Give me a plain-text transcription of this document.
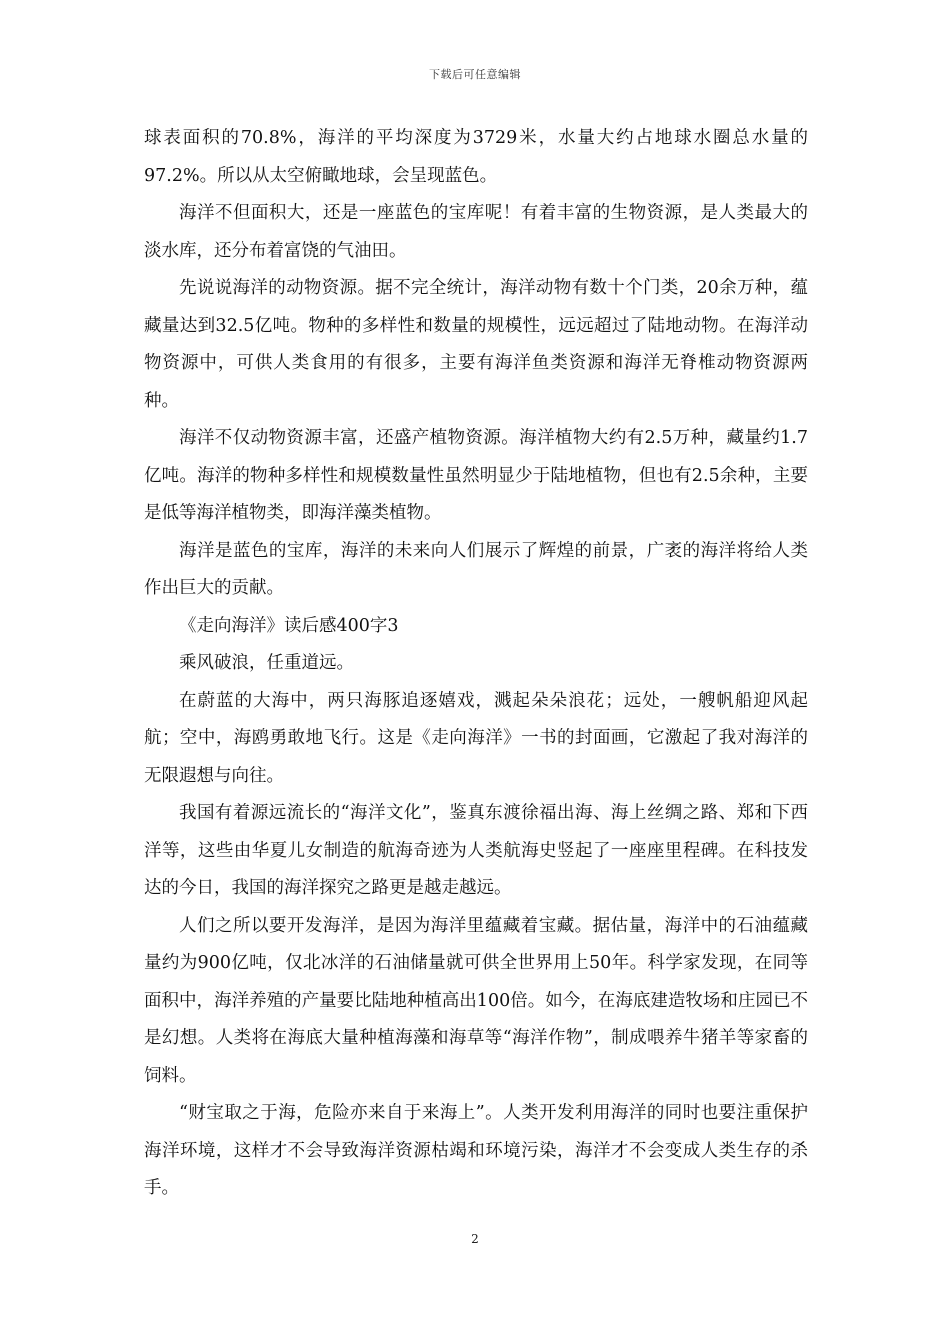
下载后可任意编辑

球表面积的70.8%，海洋的平均深度为3729米，水量大约占地球水圈总水量的97.2%。所以从太空俯瞰地球，会呈现蓝色。

海洋不但面积大，还是一座蓝色的宝库呢！有着丰富的生物资源，是人类最大的淡水库，还分布着富饶的气油田。

先说说海洋的动物资源。据不完全统计，海洋动物有数十个门类，20余万种，蕴藏量达到32.5亿吨。物种的多样性和数量的规模性，远远超过了陆地动物。在海洋动物资源中，可供人类食用的有很多，主要有海洋鱼类资源和海洋无脊椎动物资源两种。

海洋不仅动物资源丰富，还盛产植物资源。海洋植物大约有2.5万种，藏量约1.7亿吨。海洋的物种多样性和规模数量性虽然明显少于陆地植物，但也有2.5余种，主要是低等海洋植物类，即海洋藻类植物。

海洋是蓝色的宝库，海洋的未来向人们展示了辉煌的前景，广袤的海洋将给人类作出巨大的贡献。

《走向海洋》读后感400字3

乘风破浪，任重道远。

在蔚蓝的大海中，两只海豚追逐嬉戏，溅起朵朵浪花；远处，一艘帆船迎风起航；空中，海鸥勇敢地飞行。这是《走向海洋》一书的封面画，它激起了我对海洋的无限遐想与向往。

我国有着源远流长的“海洋文化”，鉴真东渡徐福出海、海上丝绸之路、郑和下西洋等，这些由华夏儿女制造的航海奇迹为人类航海史竖起了一座座里程碑。在科技发达的今日，我国的海洋探究之路更是越走越远。

人们之所以要开发海洋，是因为海洋里蕴藏着宝藏。据估量，海洋中的石油蕴藏量约为900亿吨，仅北冰洋的石油储量就可供全世界用上50年。科学家发现，在同等面积中，海洋养殖的产量要比陆地种植高出100倍。如今，在海底建造牧场和庄园已不是幻想。人类将在海底大量种植海藻和海草等“海洋作物”，制成喂养牛猪羊等家畜的饲料。

“财宝取之于海，危险亦来自于来海上”。人类开发利用海洋的同时也要注重保护海洋环境，这样才不会导致海洋资源枯竭和环境污染，海洋才不会变成人类生存的杀手。

2
